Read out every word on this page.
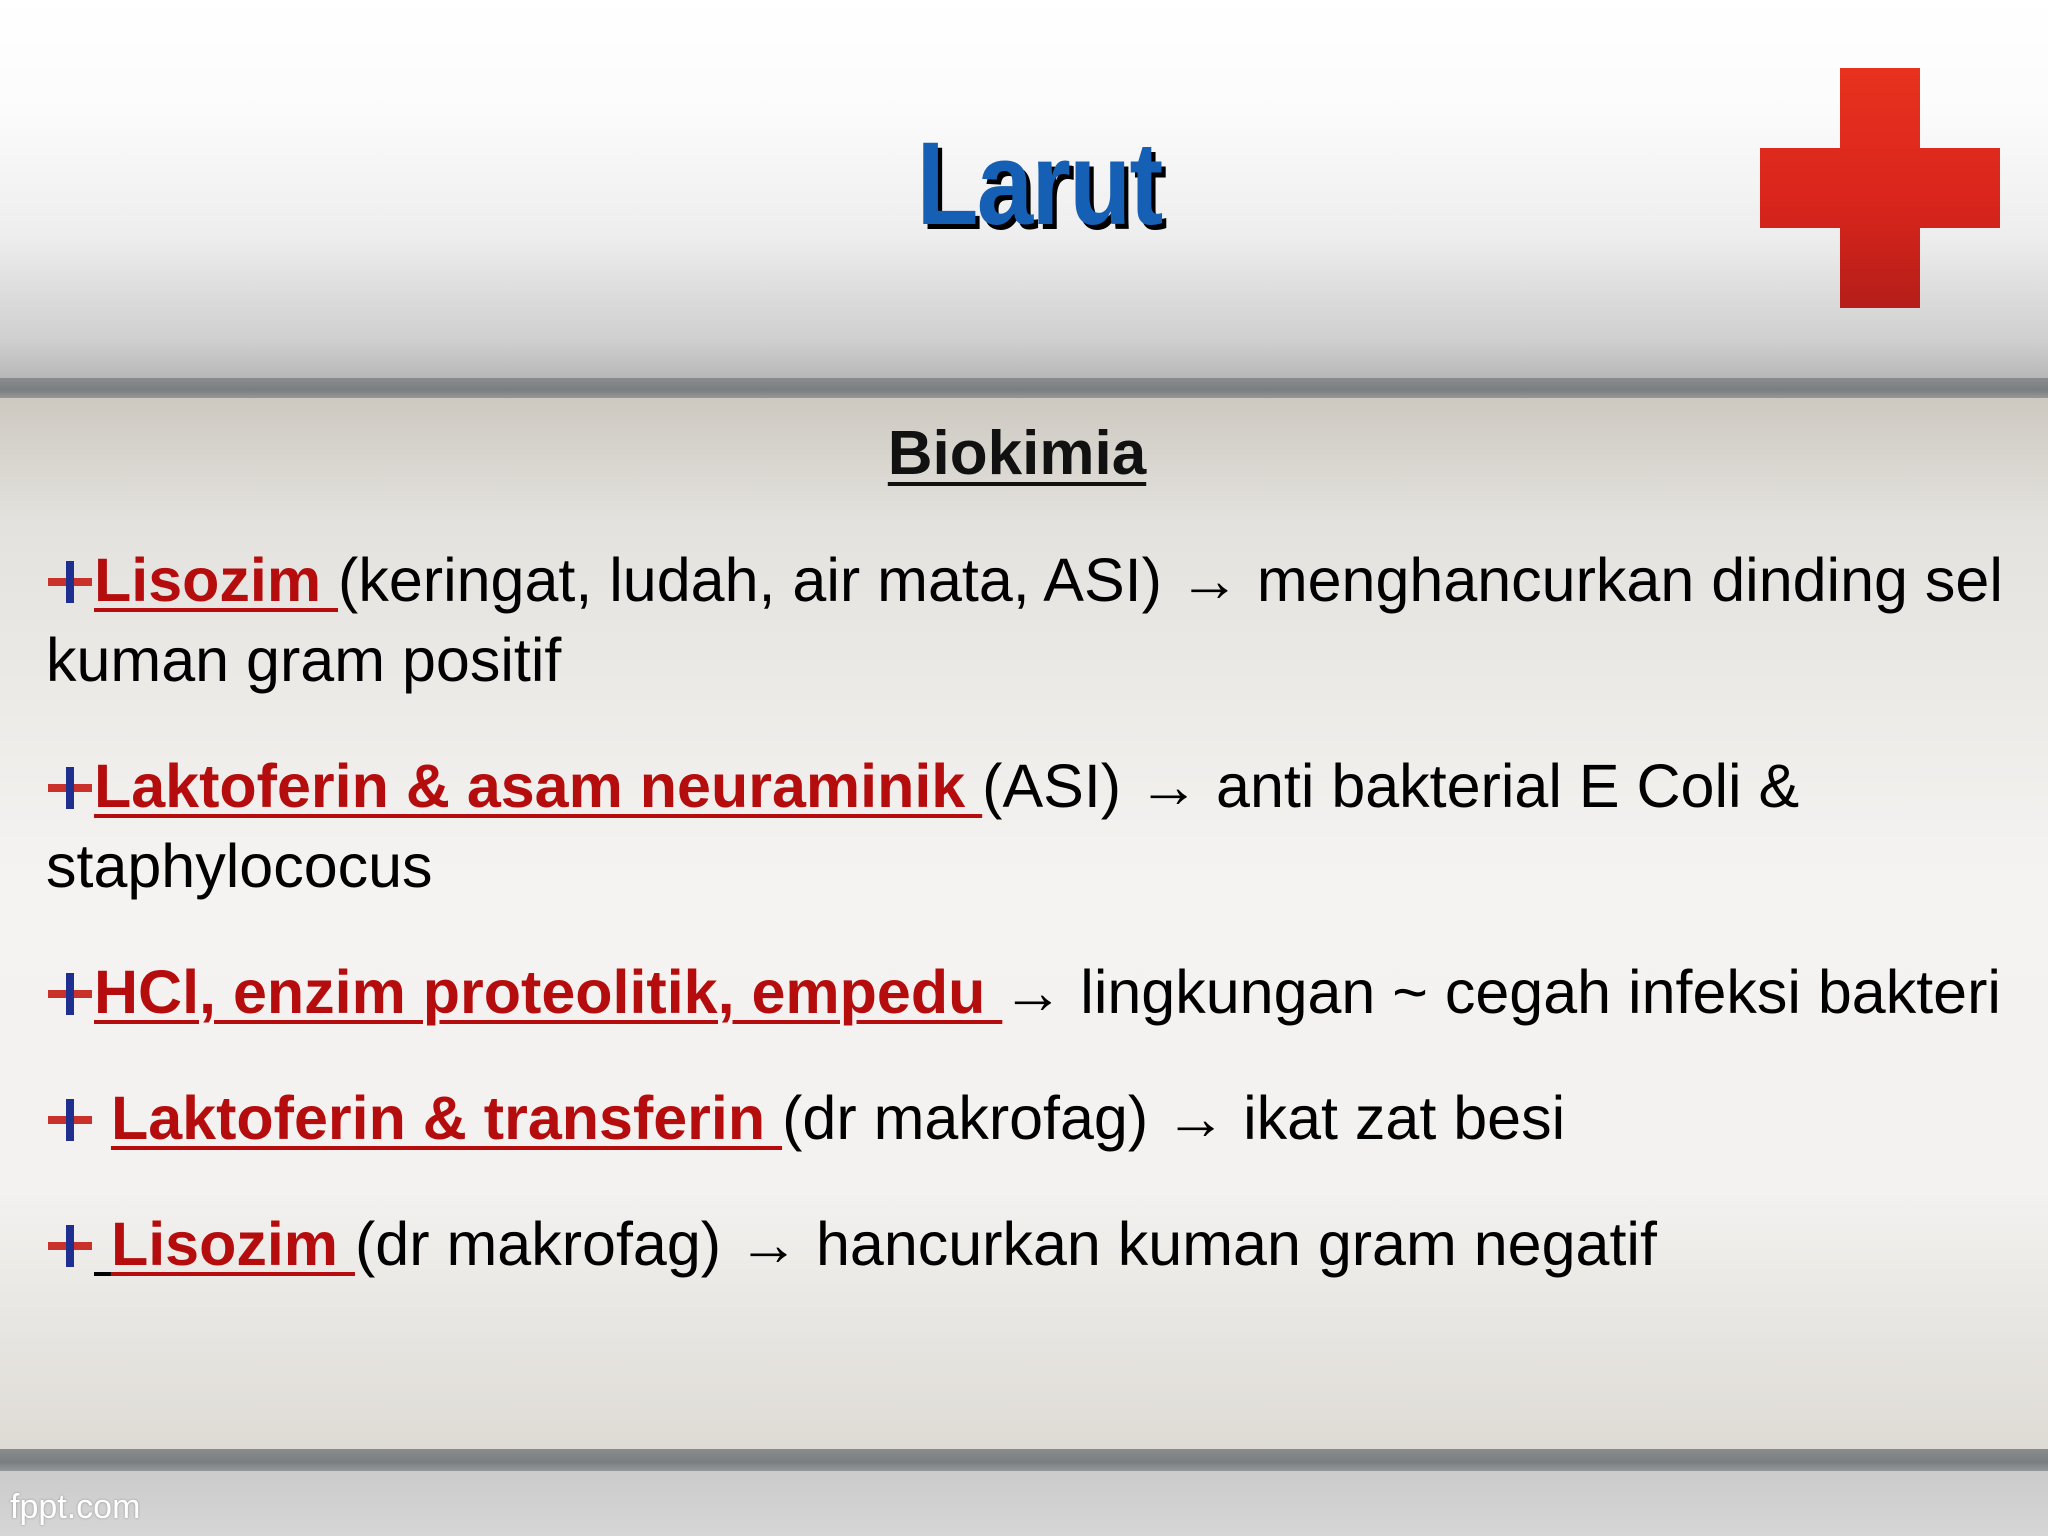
Larut
Biokimia

Lisozim (keringat, ludah, air mata, ASI) → menghancurkan dinding sel kuman gram positif

Laktoferin & asam neuraminik (ASI) → anti bakterial E Coli & staphylococus

HCl, enzim proteolitik, empedu → lingkungan ~ cegah infeksi bakteri

Laktoferin & transferin (dr makrofag) → ikat zat besi

Lisozim (dr makrofag) → hancurkan kuman gram negatif

fppt.com
